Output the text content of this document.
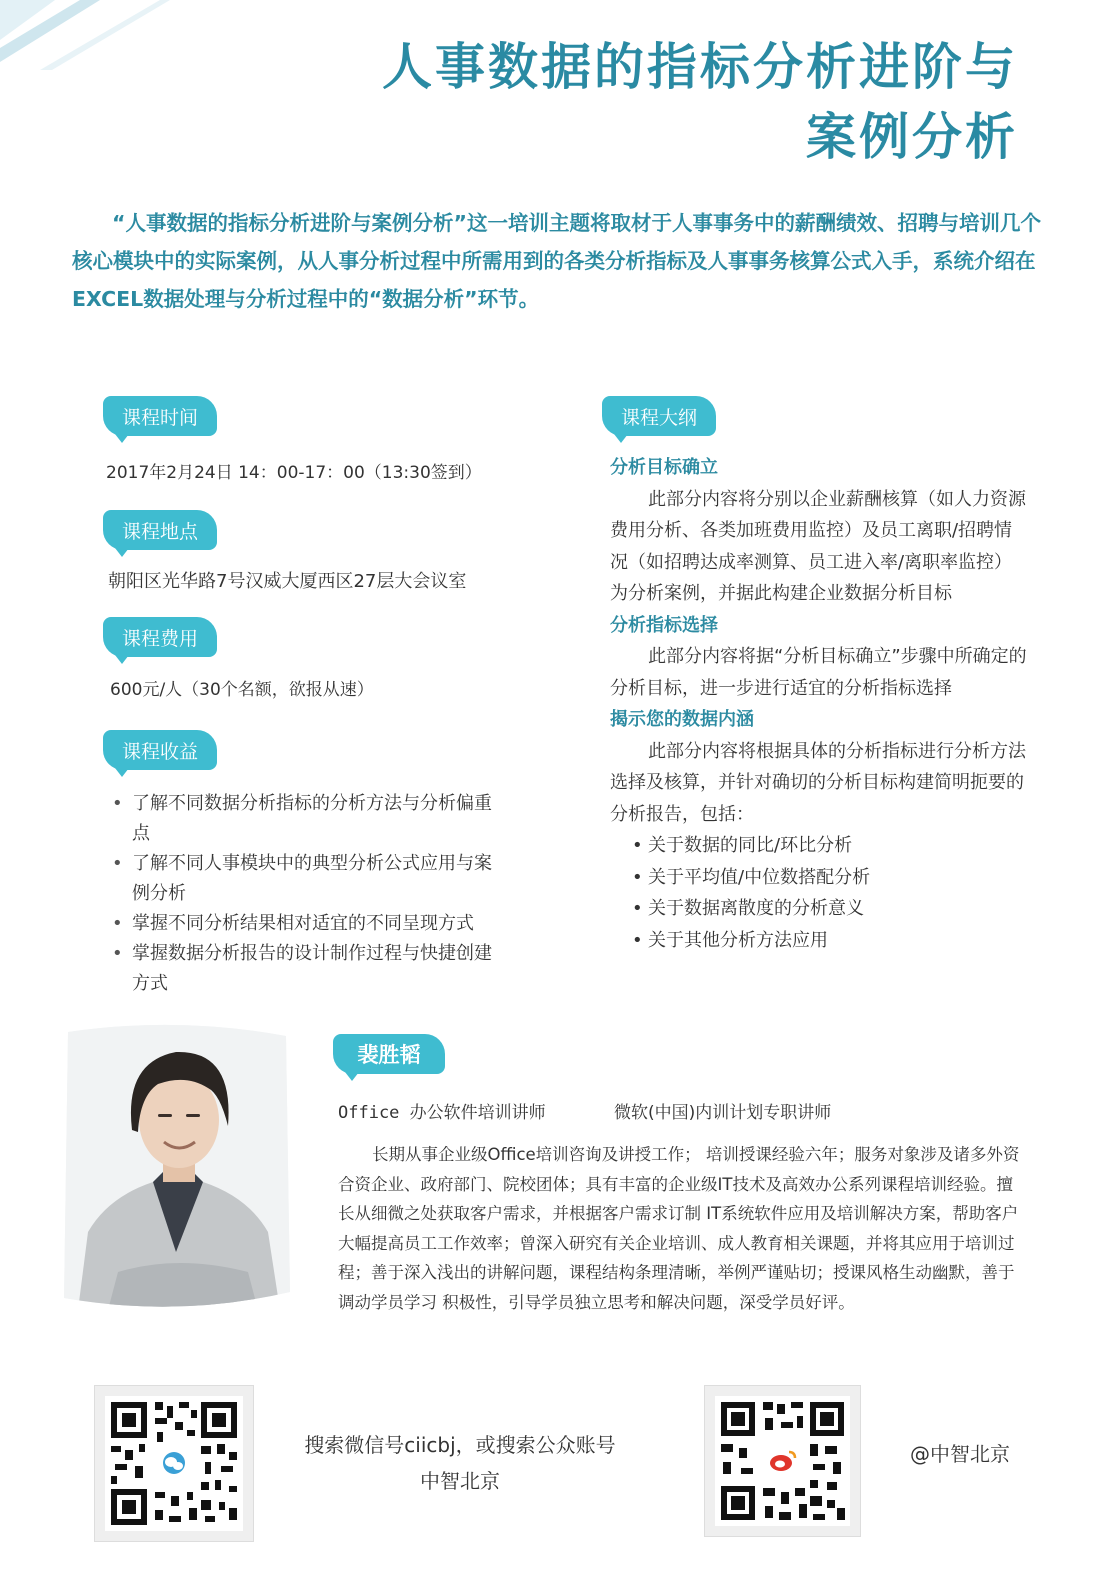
人事数据的指标分析进阶与
案例分析
“人事数据的指标分析进阶与案例分析”这一培训主题将取材于人事事务中的薪酬绩效、招聘与培训几个核心模块中的实际案例，从人事分析过程中所需用到的各类分析指标及人事事务核算公式入手，系统介绍在EXCEL数据处理与分析过程中的“数据分析”环节。
课程时间
2017年2月24日 14：00-17：00（13:30签到）
课程地点
朝阳区光华路7号汉威大厦西区27层大会议室
课程费用
600元/人（30个名额，欲报从速）
课程收益
• 了解不同数据分析指标的分析方法与分析偏重点
• 了解不同人事模块中的典型分析公式应用与案例分析
• 掌握不同分析结果相对适宜的不同呈现方式
• 掌握数据分析报告的设计制作过程与快捷创建方式
课程大纲
分析目标确立
此部分内容将分别以企业薪酬核算（如人力资源费用分析、各类加班费用监控）及员工离职/招聘情况（如招聘达成率测算、员工进入率/离职率监控）为分析案例，并据此构建企业数据分析目标
分析指标选择
此部分内容将据“分析目标确立”步骤中所确定的分析目标，进一步进行适宜的分析指标选择
揭示您的数据内涵
此部分内容将根据具体的分析指标进行分析方法选择及核算，并针对确切的分析目标构建简明扼要的分析报告，包括：
• 关于数据的同比/环比分析
• 关于平均值/中位数搭配分析
• 关于数据离散度的分析意义
• 关于其他分析方法应用
裴胜韬
Office 办公软件培训讲师	微软(中国)内训计划专职讲师
长期从事企业级Office培训咨询及讲授工作； 培训授课经验六年；服务对象涉及诸多外资合资企业、政府部门、院校团体；具有丰富的企业级IT技术及高效办公系列课程培训经验。擅长从细微之处获取客户需求，并根据客户需求订制 IT系统软件应用及培训解决方案，帮助客户大幅提高员工工作效率；曾深入研究有关企业培训、成人教育相关课题，并将其应用于培训过程；善于深入浅出的讲解问题，课程结构条理清晰，举例严谨贴切；授课风格生动幽默，善于调动学员学习 积极性，引导学员独立思考和解决问题，深受学员好评。
搜索微信号ciicbj，或搜索公众账号
中智北京
@中智北京
